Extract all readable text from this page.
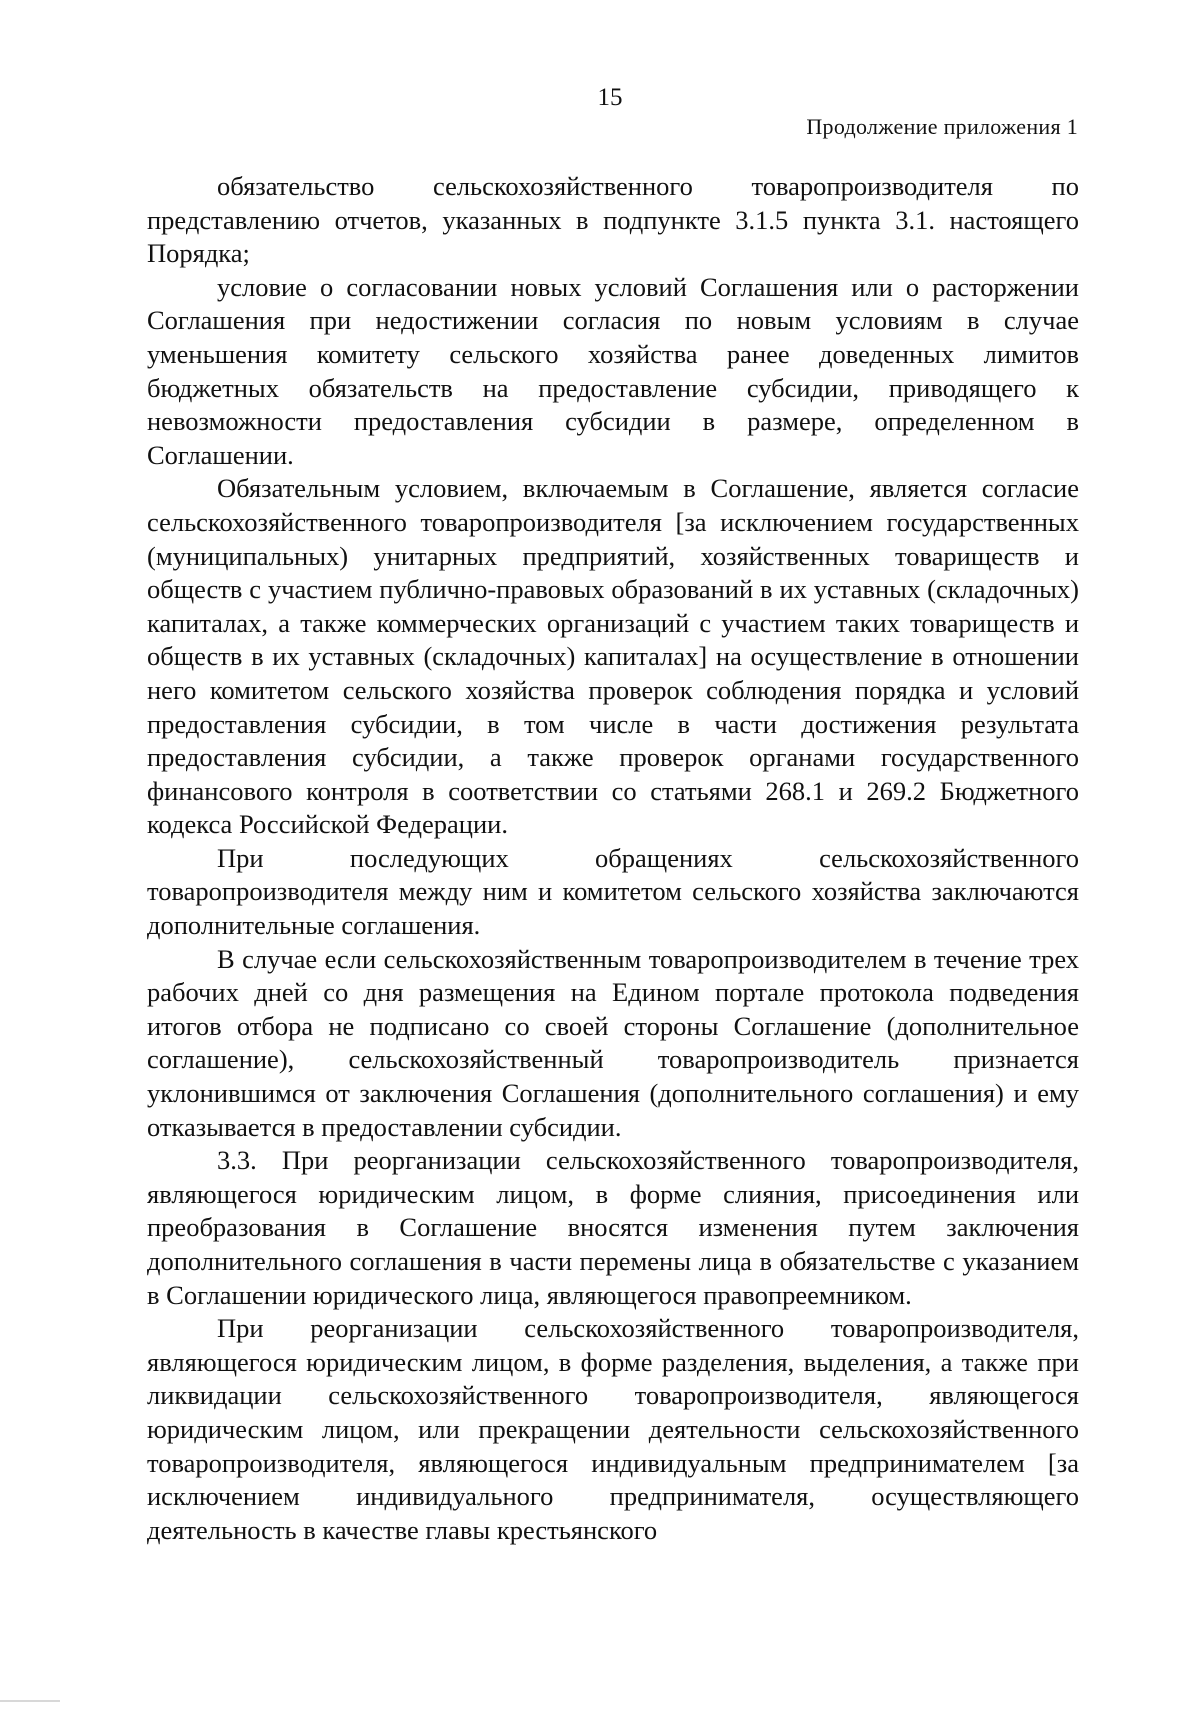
15
Продолжение приложения 1

обязательство сельскохозяйственного товаропроизводителя по представлению отчетов, указанных в подпункте 3.1.5 пункта 3.1. настоящего Порядка;

условие о согласовании новых условий Соглашения или о расторжении Соглашения при недостижении согласия по новым условиям в случае уменьшения комитету сельского хозяйства ранее доведенных лимитов бюджетных обязательств на предоставление субсидии, приводящего к невозможности предоставления субсидии в размере, определенном в Соглашении.

Обязательным условием, включаемым в Соглашение, является согласие сельскохозяйственного товаропроизводителя [за исключением государственных (муниципальных) унитарных предприятий, хозяйственных товариществ и обществ с участием публично-правовых образований в их уставных (складочных) капиталах, а также коммерческих организаций с участием таких товариществ и обществ в их уставных (складочных) капиталах] на осуществление в отношении него комитетом сельского хозяйства проверок соблюдения порядка и условий предоставления субсидии, в том числе в части достижения результата предоставления субсидии, а также проверок органами государственного финансового контроля в соответствии со статьями 268.1 и 269.2 Бюджетного кодекса Российской Федерации.

При последующих обращениях сельскохозяйственного товаропроизводителя между ним и комитетом сельского хозяйства заключаются дополнительные соглашения.

В случае если сельскохозяйственным товаропроизводителем в течение трех рабочих дней со дня размещения на Едином портале протокола подведения итогов отбора не подписано со своей стороны Соглашение (дополнительное соглашение), сельскохозяйственный товаропроизводитель признается уклонившимся от заключения Соглашения (дополнительного соглашения) и ему отказывается в предоставлении субсидии.

3.3. При реорганизации сельскохозяйственного товаропроизводителя, являющегося юридическим лицом, в форме слияния, присоединения или преобразования в Соглашение вносятся изменения путем заключения дополнительного соглашения в части перемены лица в обязательстве с указанием в Соглашении юридического лица, являющегося правопреемником.

При реорганизации сельскохозяйственного товаропроизводителя, являющегося юридическим лицом, в форме разделения, выделения, а также при ликвидации сельскохозяйственного товаропроизводителя, являющегося юридическим лицом, или прекращении деятельности сельскохозяйственного товаропроизводителя, являющегося индивидуальным предпринимателем [за исключением индивидуального предпринимателя, осуществляющего деятельность в качестве главы крестьянского
